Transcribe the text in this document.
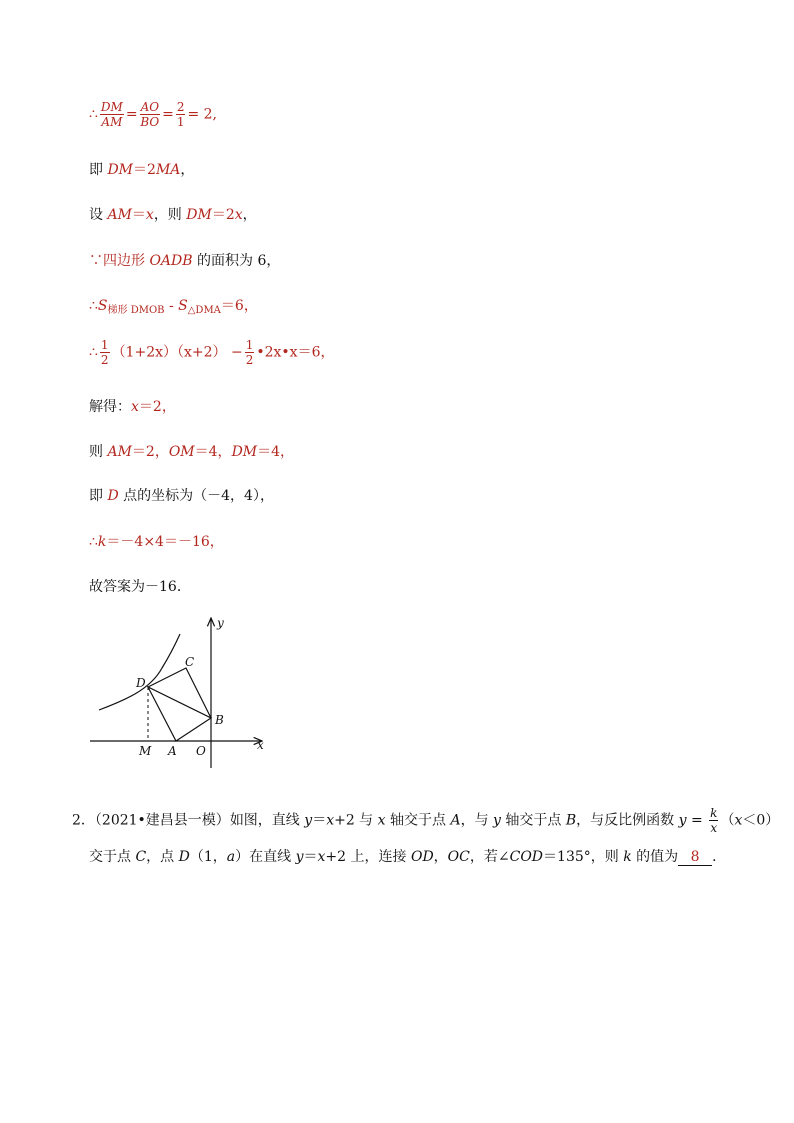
∴ $\frac{DM}{AM} = \frac{AO}{BO} = \frac{2}{1} = 2$,
即 DM＝2MA，
设 AM＝x，则 DM＝2x，
∵四边形 OADB 的面积为 6，
$\therefore S_{梯形 DMOB} - S_{\triangle DMA}=6$，
∴ $\frac{1}{2} (1+2x)(x+2) - \frac{1}{2}$ •2x•x＝6，
解得：x＝2，
则 AM＝2，OM＝4，DM＝4，
即 D 点的坐标为（－4，4），
∴k＝－4×4＝－16，
故答案为－16．
y
x
C
D
B
M A O
2．（2021•建昌县一模）如图，直线 y＝x+2 与 x 轴交于点 A，与 y 轴交于点 B，与反比例函数 $y = \frac{k}{x} (x<0)$
交于点 C，点 D（1，a）在直线 y＝x+2 上，连接 OD，OC，若∠COD＝135°，则 k 的值为 8 ．
